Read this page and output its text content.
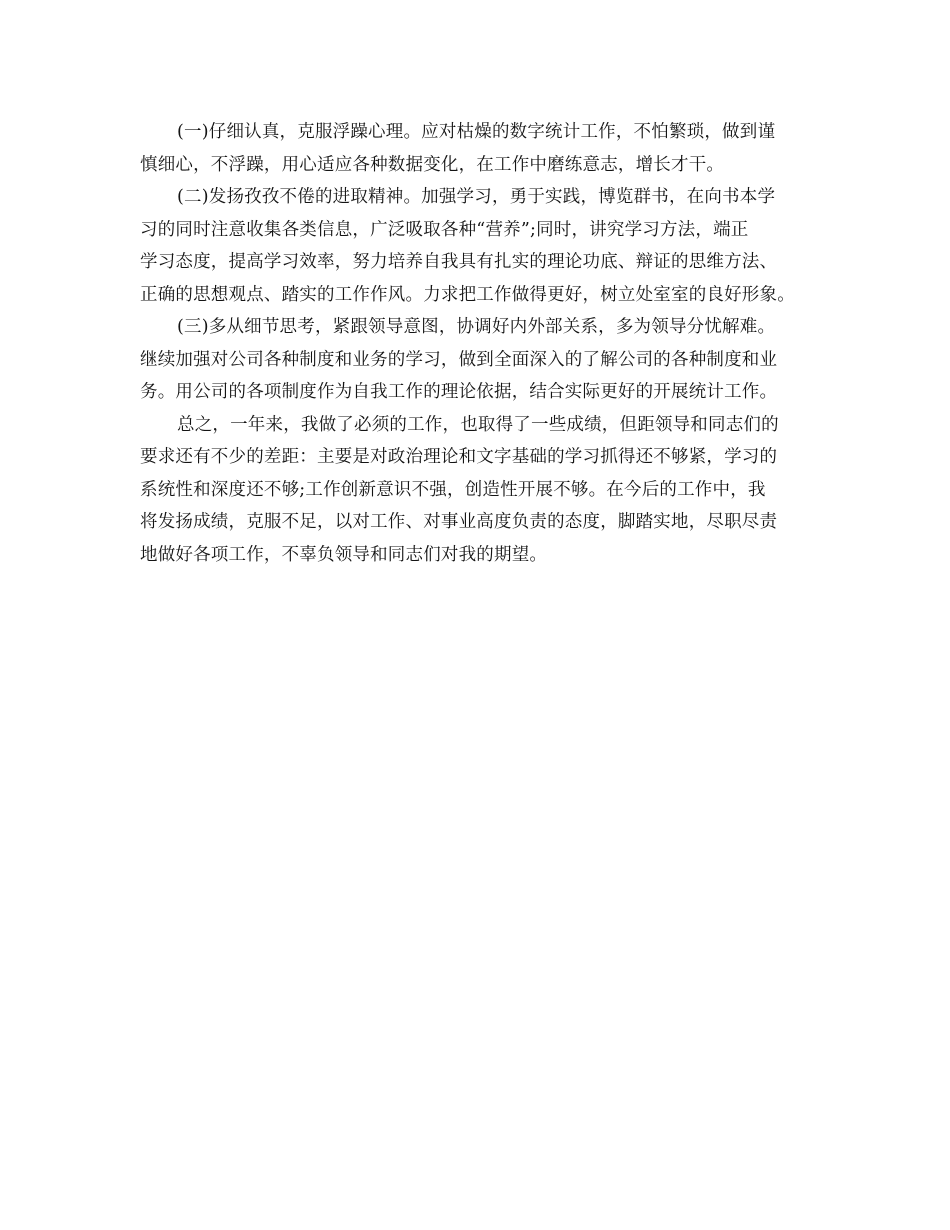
(一)仔细认真，克服浮躁心理。应对枯燥的数字统计工作，不怕繁琐，做到谨
慎细心，不浮躁，用心适应各种数据变化，在工作中磨练意志，增长才干。
(二)发扬孜孜不倦的进取精神。加强学习，勇于实践，博览群书，在向书本学
习的同时注意收集各类信息，广泛吸取各种“营养”;同时，讲究学习方法，端正
学习态度，提高学习效率，努力培养自我具有扎实的理论功底、辩证的思维方法、
正确的思想观点、踏实的工作作风。力求把工作做得更好，树立处室室的良好形象。
(三)多从细节思考，紧跟领导意图，协调好内外部关系，多为领导分忧解难。
继续加强对公司各种制度和业务的学习，做到全面深入的了解公司的各种制度和业
务。用公司的各项制度作为自我工作的理论依据，结合实际更好的开展统计工作。
总之，一年来，我做了必须的工作，也取得了一些成绩，但距领导和同志们的
要求还有不少的差距：主要是对政治理论和文字基础的学习抓得还不够紧，学习的
系统性和深度还不够;工作创新意识不强，创造性开展不够。在今后的工作中，我
将发扬成绩，克服不足，以对工作、对事业高度负责的态度，脚踏实地，尽职尽责
地做好各项工作，不辜负领导和同志们对我的期望。
